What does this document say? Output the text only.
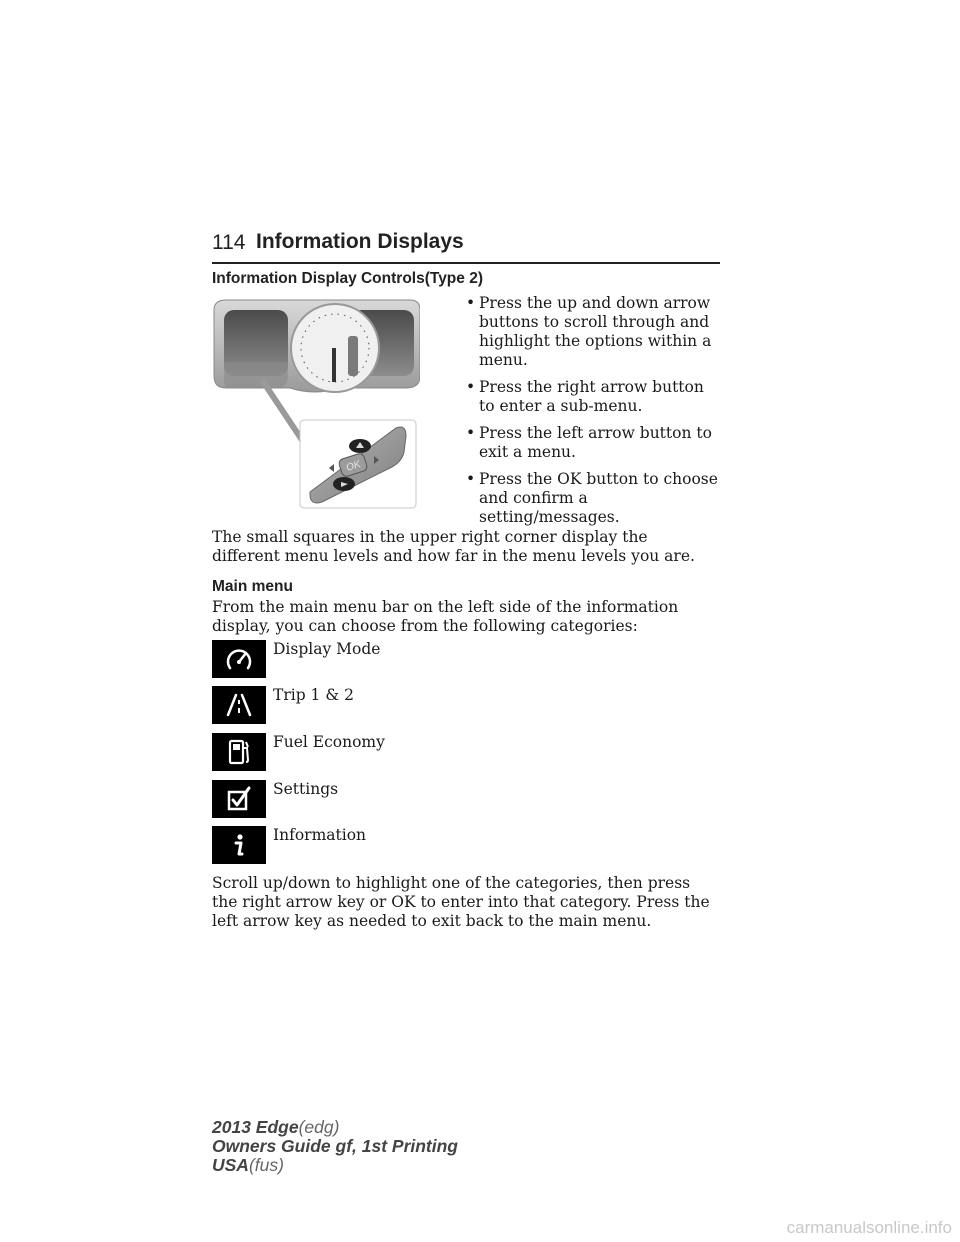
114 Information Displays
Information Display Controls(Type 2)
OK
• Press the up and down arrow buttons to scroll through and highlight the options within a menu.
• Press the right arrow button to enter a sub-menu.
• Press the left arrow button to exit a menu.
• Press the OK button to choose and confirm a setting/messages.
The small squares in the upper right corner display the different menu levels and how far in the menu levels you are.
Main menu
From the main menu bar on the left side of the information display, you can choose from the following categories:
Display Mode
Trip 1 & 2
Fuel Economy
Settings
Information
Scroll up/down to highlight one of the categories, then press the right arrow key or OK to enter into that category. Press the left arrow key as needed to exit back to the main menu.
2013 Edge(edg)
Owners Guide gf, 1st Printing
USA(fus)
carmanualsonline.info
